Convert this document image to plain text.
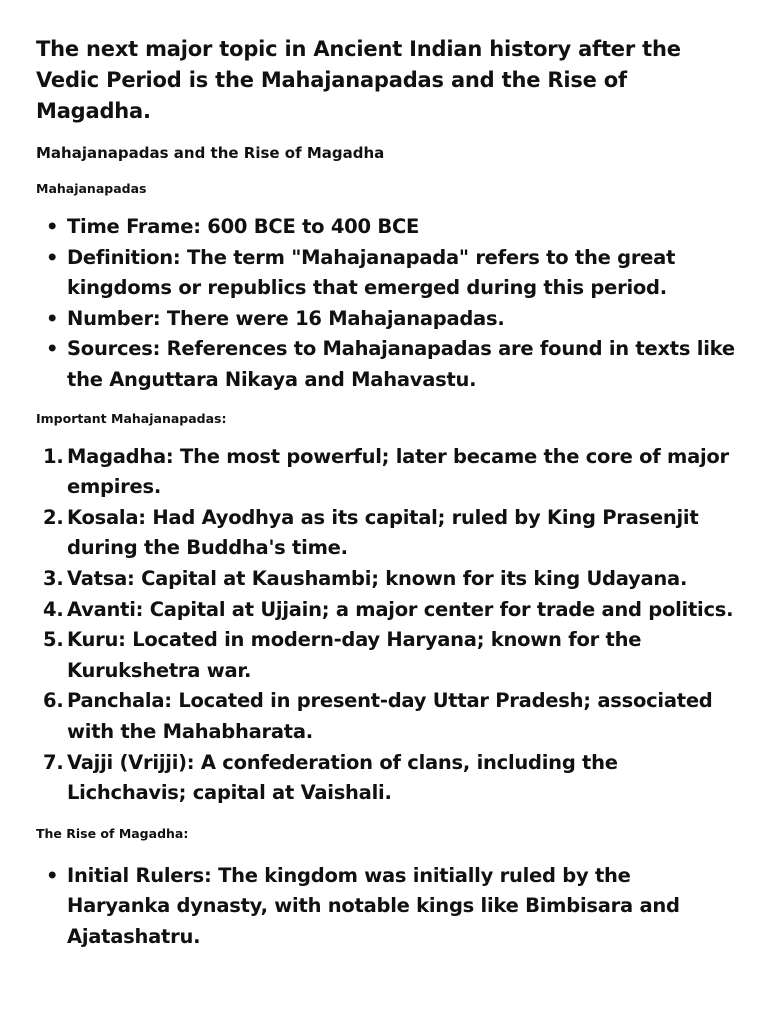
The next major topic in Ancient Indian history after the Vedic Period is the Mahajanapadas and the Rise of Magadha.

Mahajanapadas and the Rise of Magadha

Mahajanapadas

• Time Frame: 600 BCE to 400 BCE
• Definition: The term "Mahajanapada" refers to the great kingdoms or republics that emerged during this period.
• Number: There were 16 Mahajanapadas.
• Sources: References to Mahajanapadas are found in texts like the Anguttara Nikaya and Mahavastu.

Important Mahajanapadas:

1. Magadha: The most powerful; later became the core of major empires.
2. Kosala: Had Ayodhya as its capital; ruled by King Prasenjit during the Buddha's time.
3. Vatsa: Capital at Kaushambi; known for its king Udayana.
4. Avanti: Capital at Ujjain; a major center for trade and politics.
5. Kuru: Located in modern-day Haryana; known for the Kurukshetra war.
6. Panchala: Located in present-day Uttar Pradesh; associated with the Mahabharata.
7. Vajji (Vrijji): A confederation of clans, including the Lichchavis; capital at Vaishali.

The Rise of Magadha:

• Initial Rulers: The kingdom was initially ruled by the Haryanka dynasty, with notable kings like Bimbisara and Ajatashatru.
